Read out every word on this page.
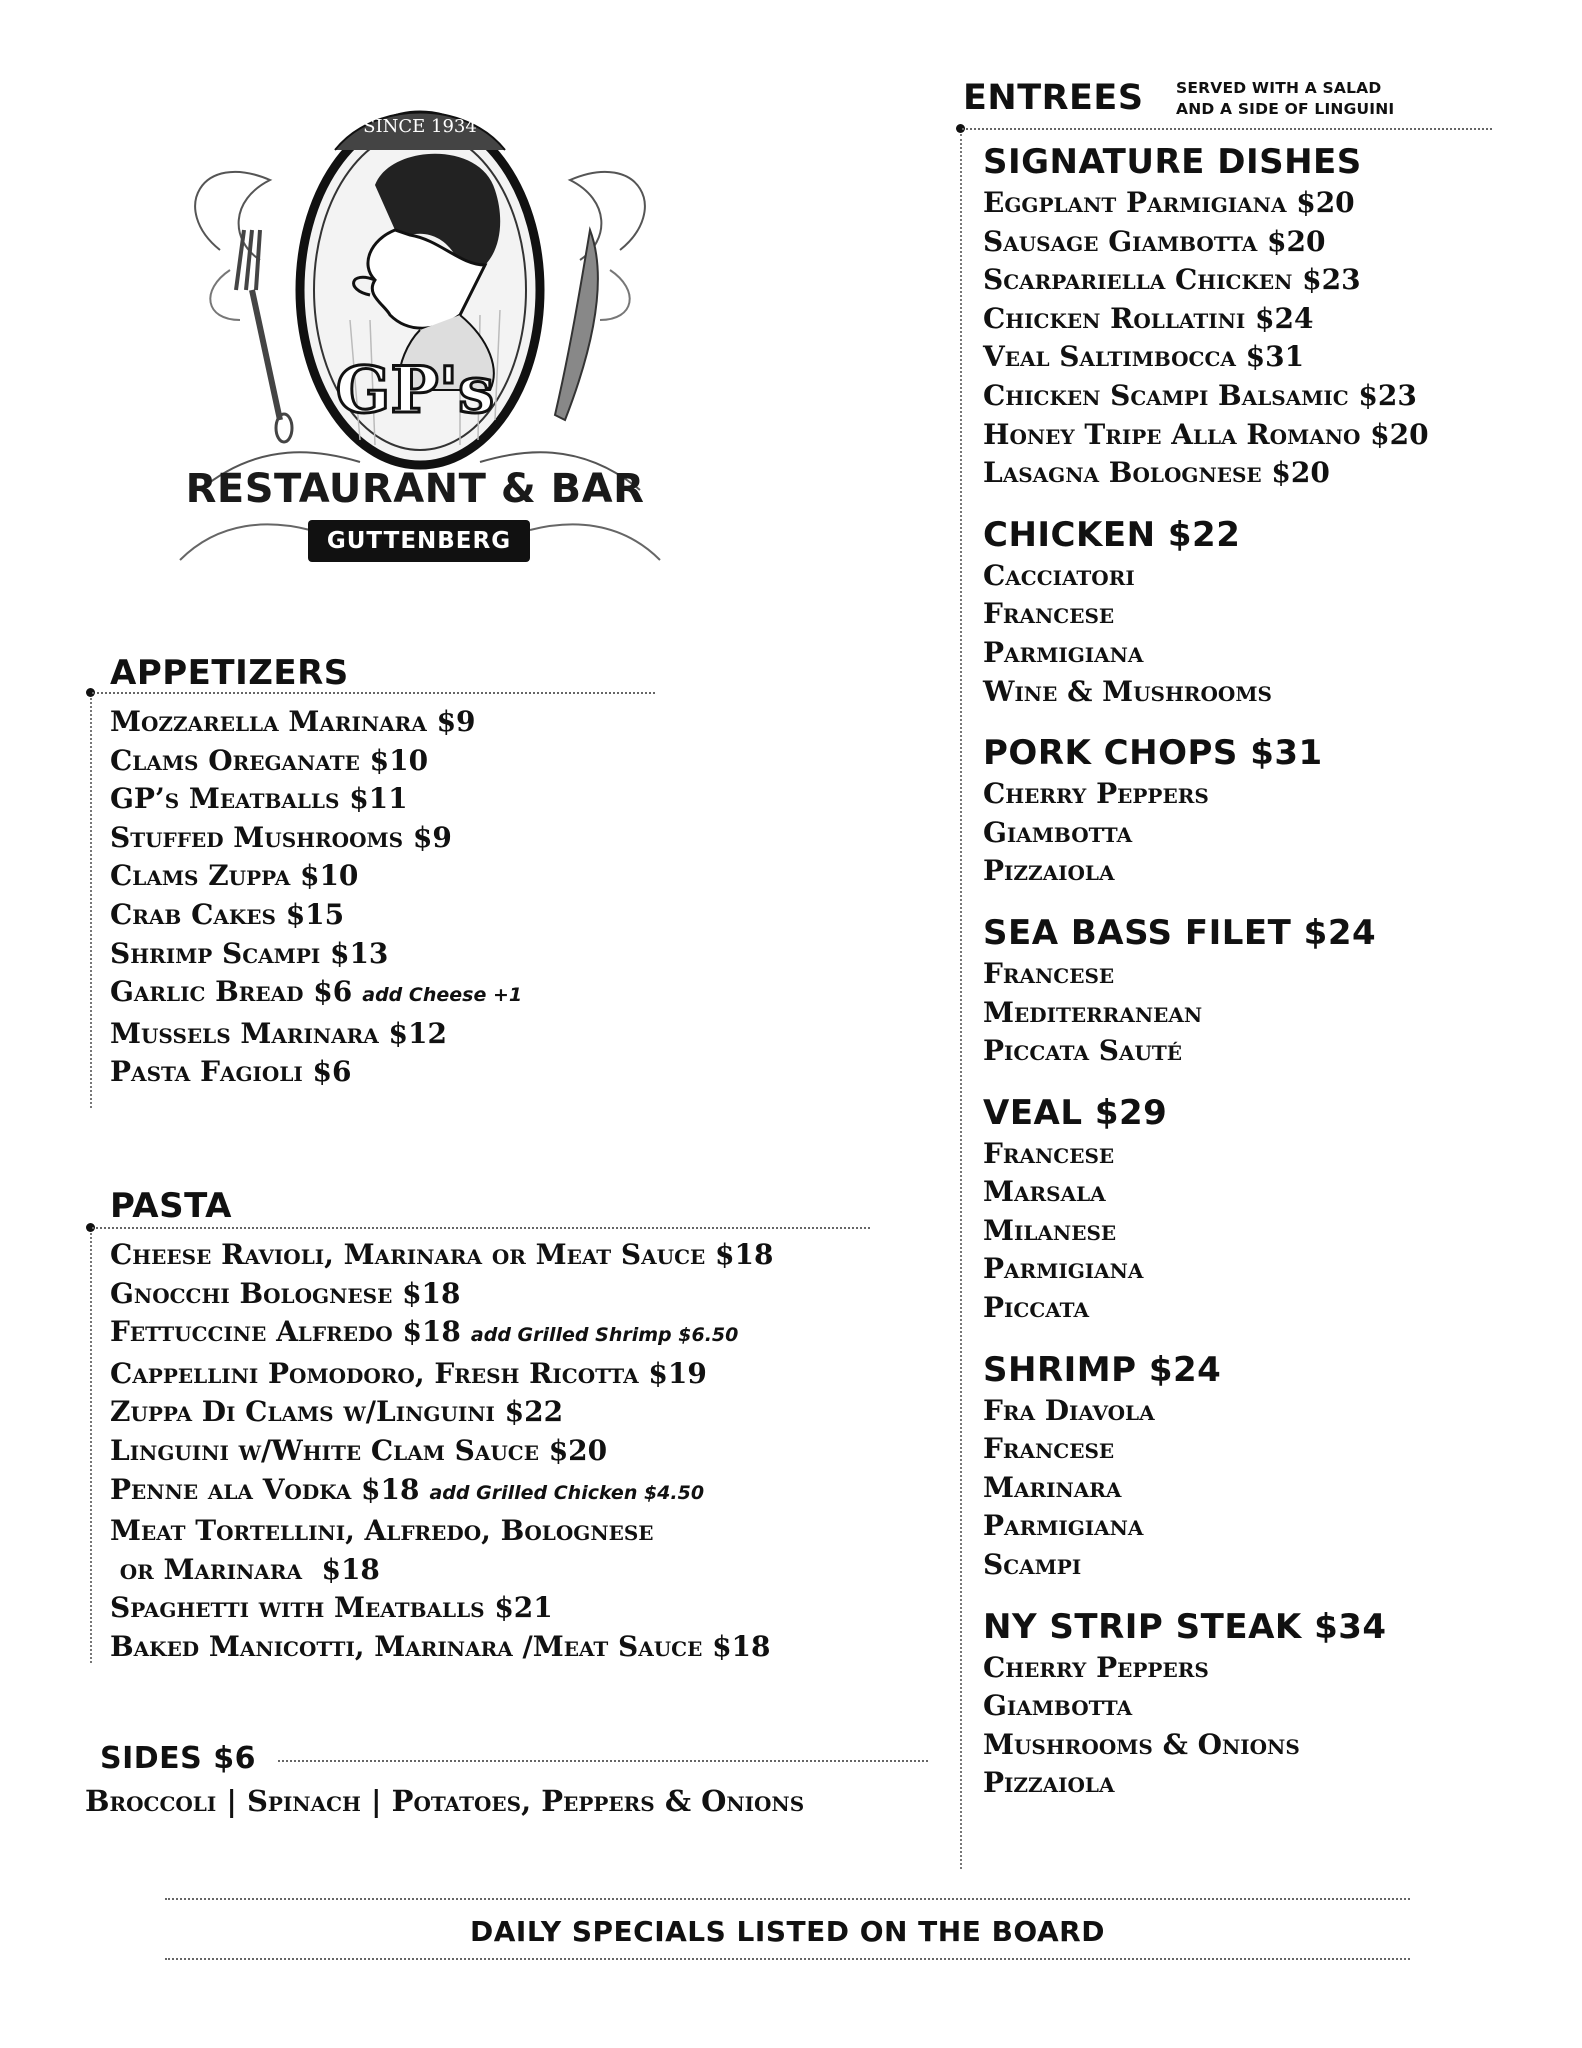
SINCE 1934
GP's
RESTAURANT & BAR
GUTTENBERG
APPETIZERS
Mozzarella Marinara $9
Clams Oreganate $10
GP’s Meatballs $11
Stuffed Mushrooms $9
Clams Zuppa $10
Crab Cakes $15
Shrimp Scampi $13
Garlic Bread $6 add Cheese +1
Mussels Marinara $12
Pasta Fagioli $6
PASTA
Cheese Ravioli, Marinara or Meat Sauce $18
Gnocchi Bolognese $18
Fettuccine Alfredo $18 add Grilled Shrimp $6.50
Cappellini Pomodoro, Fresh Ricotta $19
Zuppa Di Clams w/Linguini $22
Linguini w/White Clam Sauce $20
Penne ala Vodka $18 add Grilled Chicken $4.50
Meat Tortellini, Alfredo, Bolognese
or Marinara  $18
Spaghetti with Meatballs $21
Baked Manicotti, Marinara /Meat Sauce $18
SIDES $6
Broccoli | Spinach | Potatoes, Peppers & Onions
ENTREES SERVED WITH A SALAD
AND A SIDE OF LINGUINI
SIGNATURE DISHES
Eggplant Parmigiana $20
Sausage Giambotta $20
Scarpariella Chicken $23
Chicken Rollatini $24
Veal Saltimbocca $31
Chicken Scampi Balsamic $23
Honey Tripe Alla Romano $20
Lasagna Bolognese $20
CHICKEN $22
Cacciatori
Francese
Parmigiana
Wine & Mushrooms
PORK CHOPS $31
Cherry Peppers
Giambotta
Pizzaiola
SEA BASS FILET $24
Francese
Mediterranean
Piccata Sauté
VEAL $29
Francese
Marsala
Milanese
Parmigiana
Piccata
SHRIMP $24
Fra Diavola
Francese
Marinara
Parmigiana
Scampi
NY STRIP STEAK $34
Cherry Peppers
Giambotta
Mushrooms & Onions
Pizzaiola
DAILY SPECIALS LISTED ON THE BOARD
